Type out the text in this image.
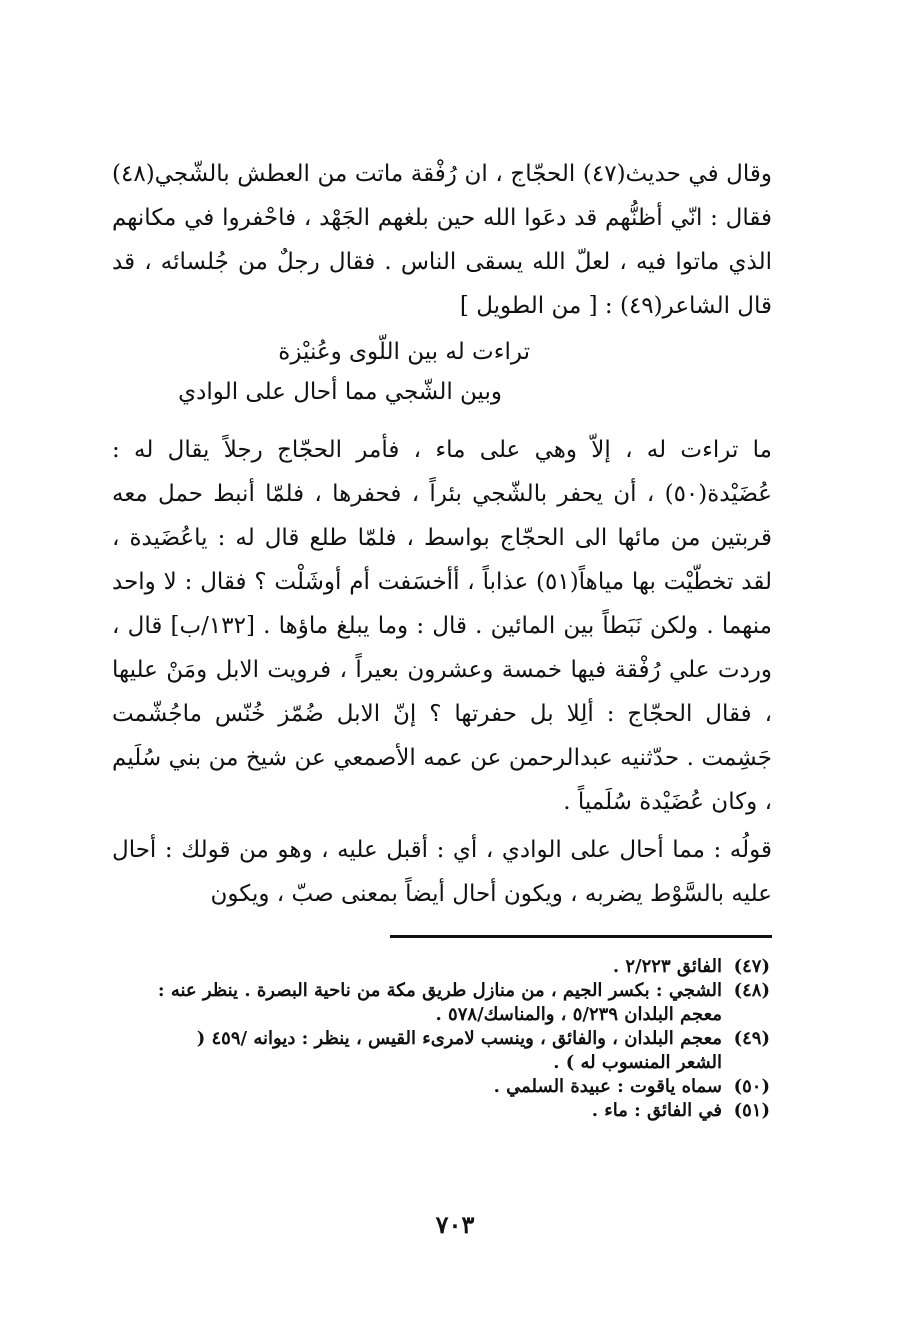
وقال في حديث(٤٧) الحجّاج ، ان رُفْقة ماتت من العطش بالشّجي(٤٨) فقال : انّي أظنُّهم قد دعَوا الله حين بلغهم الجَهْد ، فاحْفروا في مكانهم الذي ماتوا فيه ، لعلّ الله يسقى الناس . فقال رجلٌ من جُلسائه ، قد قال الشاعر(٤٩) : [ من الطويل ]

تراءت له بين اللّوى وعُنيْزة
وبين الشّجي مما أحال على الوادي

ما تراءت له ، إلاّ وهي على ماء ، فأمر الحجّاج رجلاً يقال له : عُضَيْدة(٥٠) ، أن يحفر بالشّجي بئراً ، فحفرها ، فلمّا أنبط حمل معه قربتين من مائها الى الحجّاج بواسط ، فلمّا طلع قال له : ياعُضَيدة ، لقد تخطّيْت بها مياهاً(٥١) عذاباً ، أأخسَفت أم أوشَلْت ؟ فقال : لا واحد منهما . ولكن نَبَطاً بين المائين . قال : وما يبلغ ماؤها . [١٣٢/ب] قال ، وردت علي رُفْقة فيها خمسة وعشرون بعيراً ، فرويت الابل ومَنْ عليها ، فقال الحجّاج : ألِلا بل حفرتها ؟ إنّ الابل ضُمّز خُنّس ماجُشّمت جَشِمت . حدّثنيه عبدالرحمن عن عمه الأصمعي عن شيخ من بني سُلَيم ، وكان عُضَيْدة سُلَمياً .

قولُه : مما أحال على الوادي ، أي : أقبل عليه ، وهو من قولك : أحال عليه بالسَّوْط يضربه ، ويكون أحال أيضاً بمعنى صبّ ، ويكون

(٤٧)
الفائق ٢/٢٢٣ .
(٤٨)
الشجي : بكسر الجيم ، من منازل طريق مكة من ناحية البصرة . ينظر عنه : معجم البلدان ٥/٢٣٩ ، والمناسك/٥٧٨ .
(٤٩)
معجم البلدان ، والفائق ، وينسب لامرىء القيس ، ينظر : ديوانه /٤٥٩ ( الشعر المنسوب له ) .
(٥٠)
سماه ياقوت : عبيدة السلمي .
(٥١)
في الفائق : ماء .
٧٠٣
